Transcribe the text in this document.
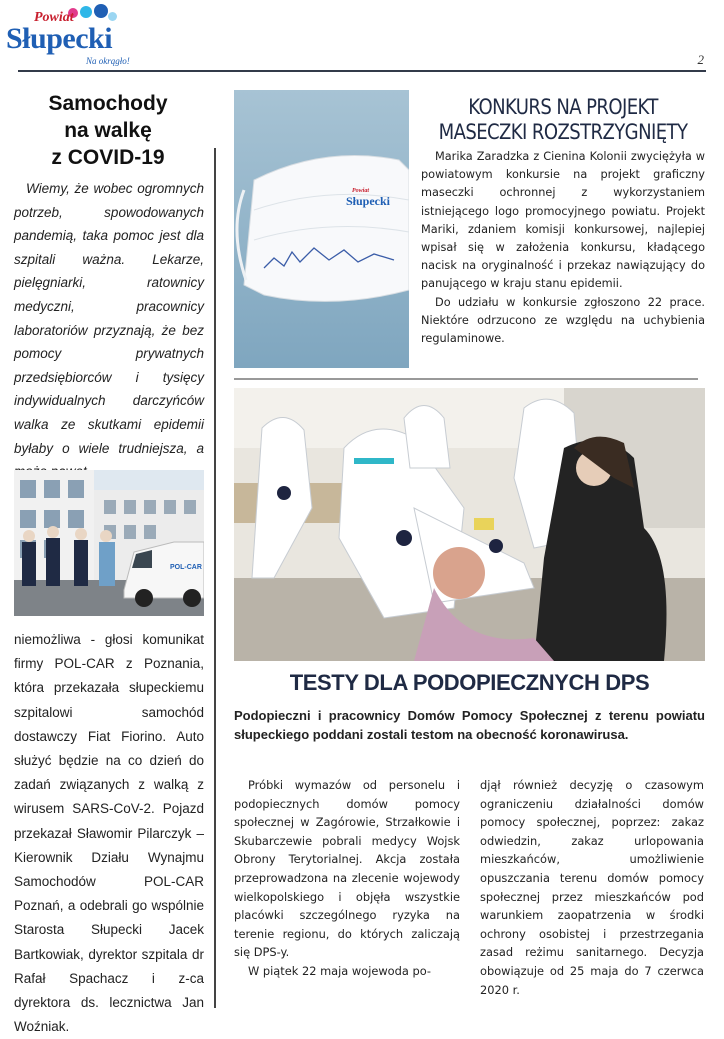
Powiat
Słupecki
Na okrągło!	2
Samochody
na walkę
z COVID-19

Wiemy, że wobec ogromnych potrzeb, spowodowanych pandemią, taka pomoc jest dla szpitali ważna. Lekarze, pielęgniarki, ratownicy medyczni, pracownicy laboratoriów przyznają, że bez pomocy prywatnych przedsiębiorców i tysięcy indywidualnych darczyńców walka ze skutkami epidemii byłaby o wiele trudniejsza, a

POL-CAR

niemożliwa - głosi komunikat firmy POL-CAR z Poznania, która przekazała słupeckiemu szpitalowi samochód dostawczy Fiat Fiorino. Auto służyć będzie na co dzień do zadań związanych z walką z wirusem SARS-CoV-2. Pojazd przekazał Sławomir Pilarczyk – Kierownik Działu Wynajmu Samochodów POL-CAR Poznań, a odebrali go wspólnie Starosta Słupecki Jacek Bartkowiak, dyrektor szpitala dr Rafał Spachacz i z-ca dyrektora ds. lecznictwa Jan Woźniak.

Powiat
Słupecki
KONKURS NA PROJEKT
MASECZKI ROZSTRZYGNIĘTY

Marika Zaradzka z Cienina Kolonii zwyciężyła w powiatowym konkursie na projekt graficzny maseczki ochronnej z wykorzystaniem istniejącego logo promocyjnego powiatu. Projekt Mariki, zdaniem komisji konkursowej, najlepiej wpisał się w założenia konkursu, kładącego nacisk na oryginalność i przekaz nawiązujący do panującego w kraju stanu epidemii.

Do udziału w konkursie zgłoszono 22 prace. Niektóre odrzucono ze względu na uchybienia regulaminowe.

TESTY DLA PODOPIECZNYCH DPS
Podopieczni i pracownicy Domów Pomocy Społecznej z terenu powiatu słupeckiego poddani zostali testom na obecność koronawirusa.

Próbki wymazów od personelu i podopiecznych domów pomocy społecznej w Zagórowie, Strzałkowie i Skubarczewie pobrali medycy Wojsk Obrony Terytorialnej. Akcja została przeprowadzona na zlecenie wojewody wielkopolskiego i objęła wszystkie placówki szczególnego ryzyka na terenie regionu, do których zaliczają się DPS-y.

W piątek 22 maja wojewoda po-

djął również decyzję o czasowym ograniczeniu działalności domów pomocy społecznej, poprzez: zakaz odwiedzin, zakaz urlopowania mieszkańców, umożliwienie opuszczania terenu domów pomocy społecznej przez mieszkańców pod warunkiem zaopatrzenia w środki ochrony osobistej i przestrzegania zasad reżimu sanitarnego. Decyzja obowiązuje od 25 maja do 7 czerwca 2020 r.
